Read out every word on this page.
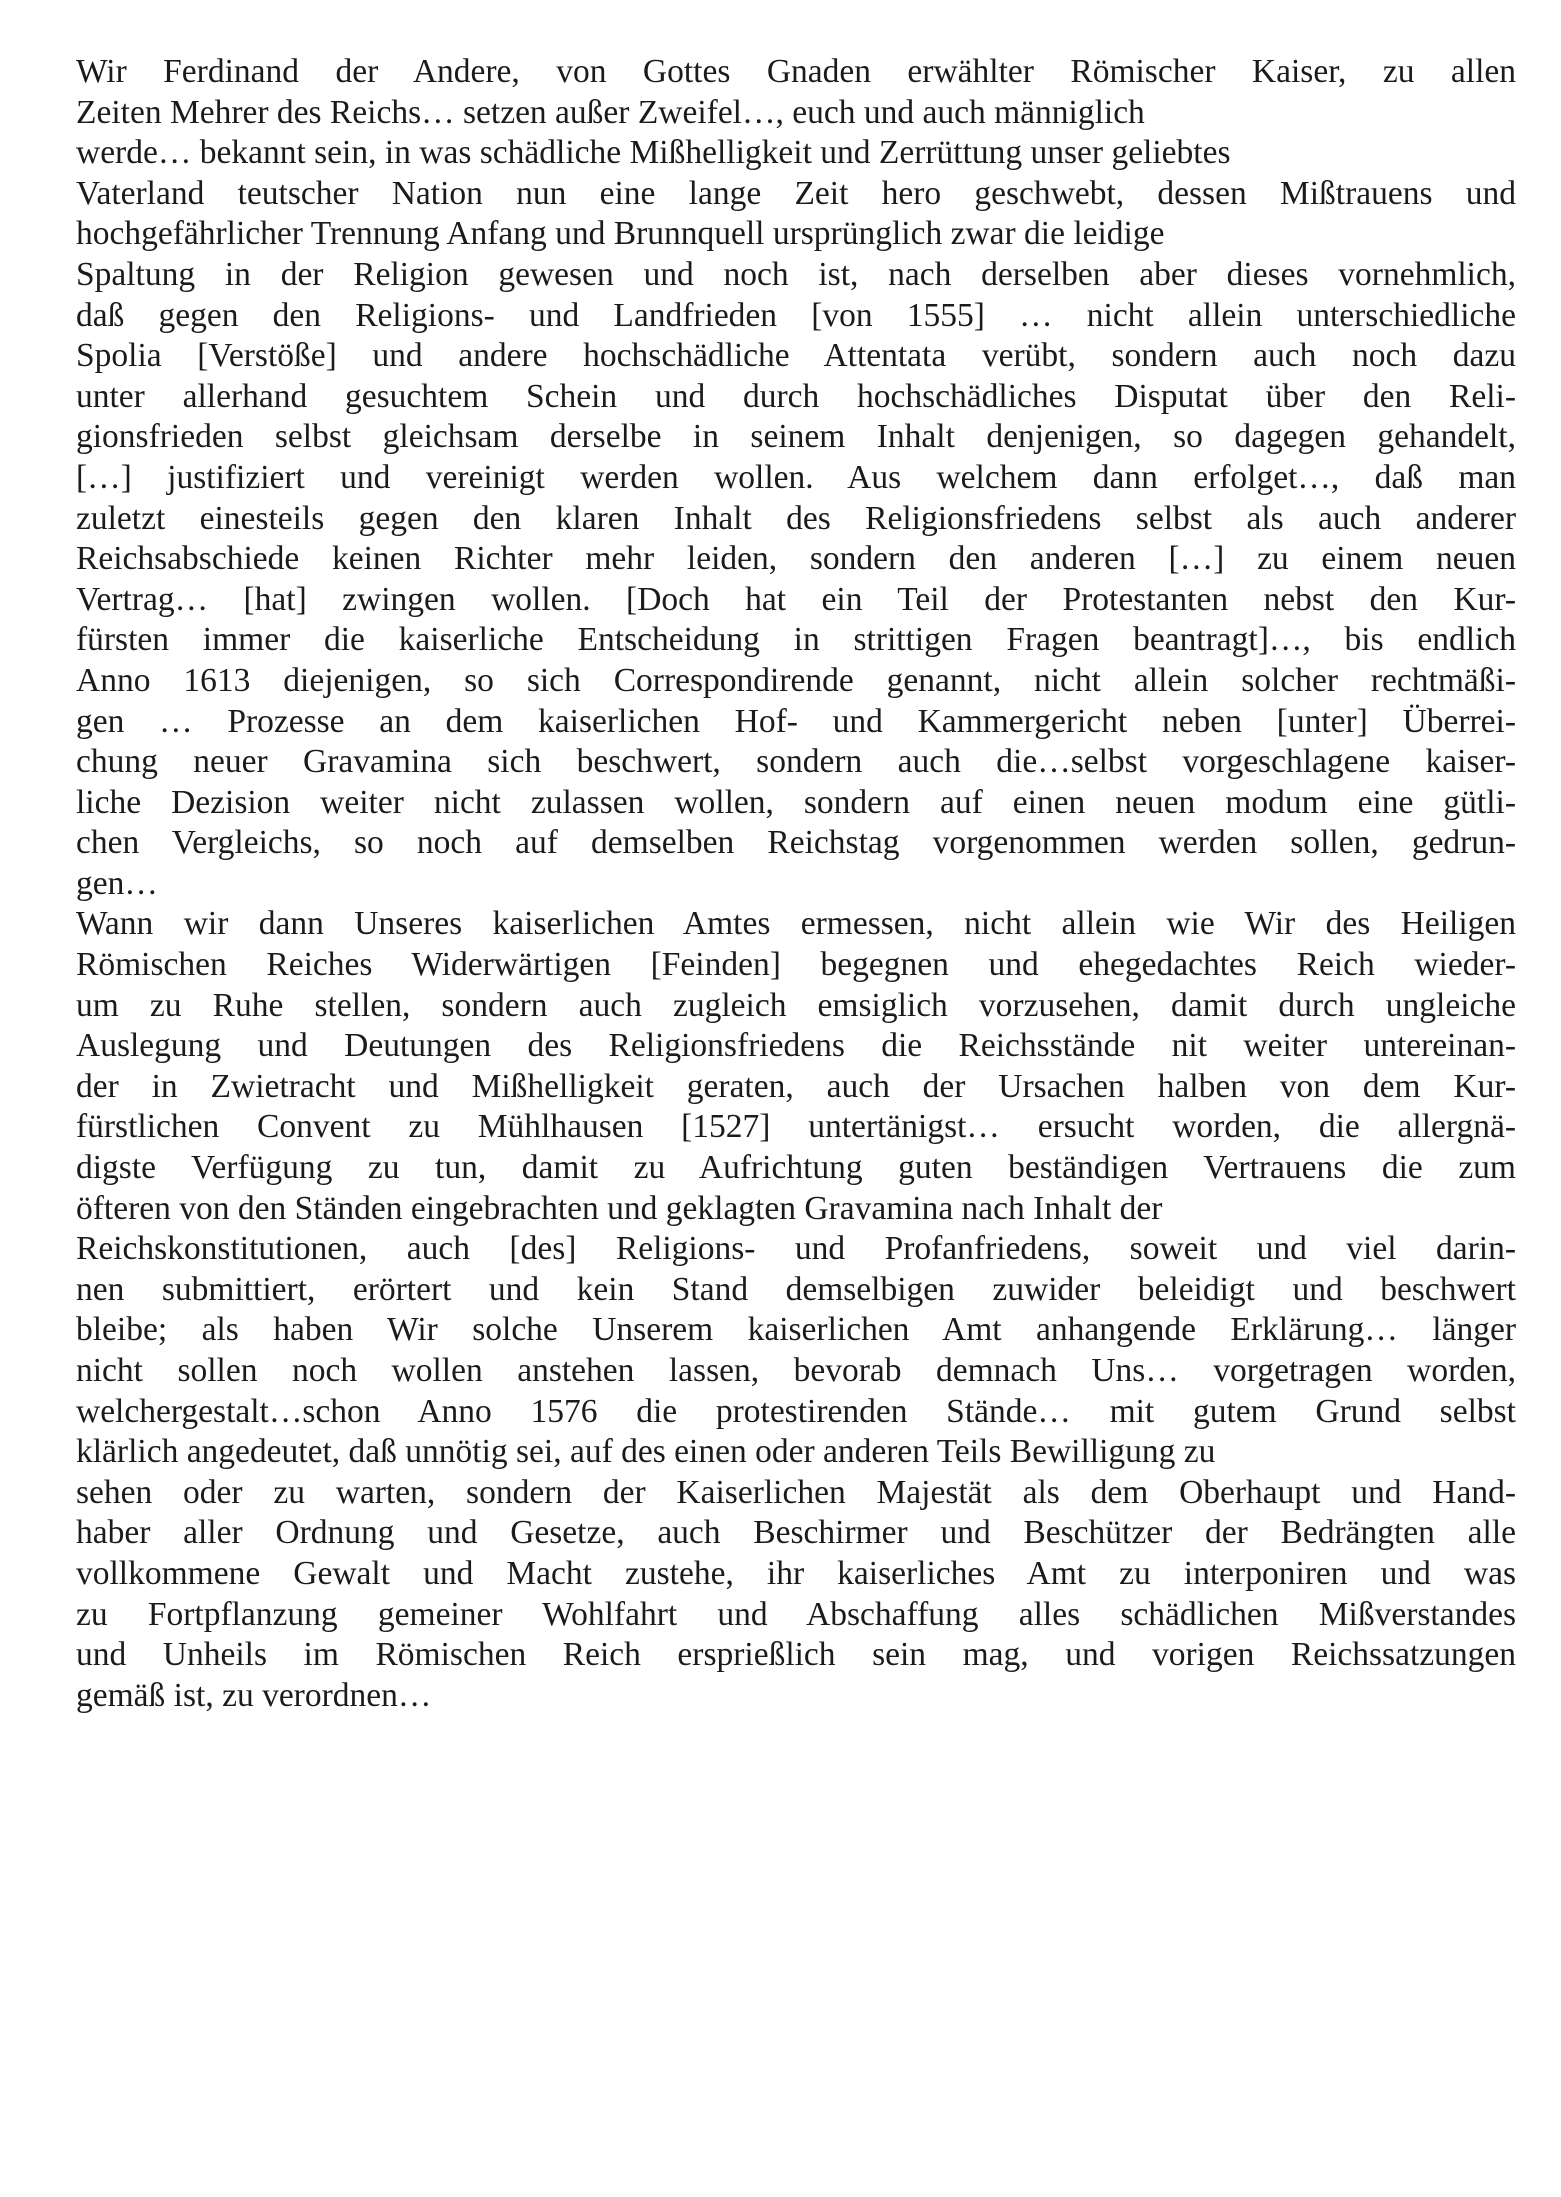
Wir Ferdinand der Andere, von Gottes Gnaden erwählter Römischer Kaiser, zu allen
Zeiten Mehrer des Reichs… setzen außer Zweifel…, euch und auch männiglich
werde… bekannt sein, in was schädliche Mißhelligkeit und Zerrüttung unser geliebtes
Vaterland teutscher Nation nun eine lange Zeit hero geschwebt, dessen Mißtrauens und
hochgefährlicher Trennung Anfang und Brunnquell ursprünglich zwar die leidige
Spaltung in der Religion gewesen und noch ist, nach derselben aber dieses vornehmlich,
daß gegen den Religions- und Landfrieden [von 1555] … nicht allein unterschiedliche
Spolia [Verstöße] und andere hochschädliche Attentata verübt, sondern auch noch dazu
unter allerhand gesuchtem Schein und durch hochschädliches Disputat über den Reli-
gionsfrieden selbst gleichsam derselbe in seinem Inhalt denjenigen, so dagegen gehandelt,
[…] justifiziert und vereinigt werden wollen. Aus welchem dann erfolget…, daß man
zuletzt einesteils gegen den klaren Inhalt des Religionsfriedens selbst als auch anderer
Reichsabschiede keinen Richter mehr leiden, sondern den anderen […] zu einem neuen
Vertrag… [hat] zwingen wollen. [Doch hat ein Teil der Protestanten nebst den Kur-
fürsten immer die kaiserliche Entscheidung in strittigen Fragen beantragt]…, bis endlich
Anno 1613 diejenigen, so sich Correspondirende genannt, nicht allein solcher rechtmäßi-
gen … Prozesse an dem kaiserlichen Hof- und Kammergericht neben [unter] Überrei-
chung neuer Gravamina sich beschwert, sondern auch die…selbst vorgeschlagene kaiser-
liche Dezision weiter nicht zulassen wollen, sondern auf einen neuen modum eine gütli-
chen Vergleichs, so noch auf demselben Reichstag vorgenommen werden sollen, gedrun-
gen…
Wann wir dann Unseres kaiserlichen Amtes ermessen, nicht allein wie Wir des Heiligen
Römischen Reiches Widerwärtigen [Feinden] begegnen und ehegedachtes Reich wieder-
um zu Ruhe stellen, sondern auch zugleich emsiglich vorzusehen, damit durch ungleiche
Auslegung und Deutungen des Religionsfriedens die Reichsstände nit weiter untereinan-
der in Zwietracht und Mißhelligkeit geraten, auch der Ursachen halben von dem Kur-
fürstlichen Convent zu Mühlhausen [1527] untertänigst… ersucht worden, die allergnä-
digste Verfügung zu tun, damit zu Aufrichtung guten beständigen Vertrauens die zum
öfteren von den Ständen eingebrachten und geklagten Gravamina nach Inhalt der
Reichskonstitutionen, auch [des] Religions- und Profanfriedens, soweit und viel darin-
nen submittiert, erörtert und kein Stand demselbigen zuwider beleidigt und beschwert
bleibe; als haben Wir solche Unserem kaiserlichen Amt anhangende Erklärung… länger
nicht sollen noch wollen anstehen lassen, bevorab demnach Uns… vorgetragen worden,
welchergestalt…schon Anno 1576 die protestirenden Stände… mit gutem Grund selbst
klärlich angedeutet, daß unnötig sei, auf des einen oder anderen Teils Bewilligung zu
sehen oder zu warten, sondern der Kaiserlichen Majestät als dem Oberhaupt und Hand-
haber aller Ordnung und Gesetze, auch Beschirmer und Beschützer der Bedrängten alle
vollkommene Gewalt und Macht zustehe, ihr kaiserliches Amt zu interponiren und was
zu Fortpflanzung gemeiner Wohlfahrt und Abschaffung alles schädlichen Mißverstandes
und Unheils im Römischen Reich ersprießlich sein mag, und vorigen Reichssatzungen
gemäß ist, zu verordnen…
